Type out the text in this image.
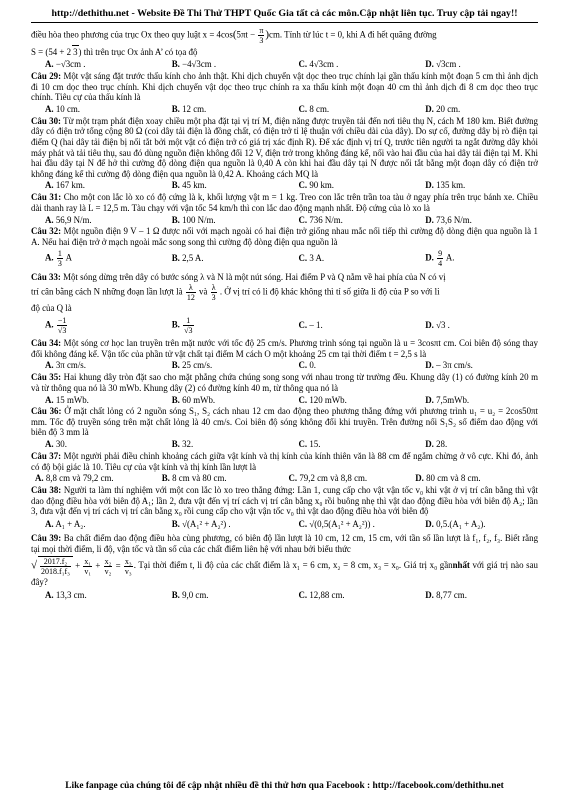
http://dethithu.net - Website Đề Thi Thử THPT Quốc Gia tất cả các môn.Cập nhật liên tục. Truy cập tải ngay!!
điều hòa theo phương của trục Ox theo quy luật $x = 4\cos(5\pi t - \frac{\pi}{3} )cm$. Tính từ lúc t = 0, khi A đi hết quãng đường
S = (54 + 2 3) thì trên trục Ox ảnh A’ có tọa độ
A. −√3cm .	B. −4√3cm .	C. 4√3cm .	D. √3cm .
Câu 29: Một vật sáng đặt trước thấu kính cho ảnh thật. Khi dịch chuyển vật dọc theo trục chính lại gần thấu kính một đoạn 5 cm thì ảnh dịch đi 10 cm dọc theo trục chính. Khi dịch chuyển vật dọc theo trục chính ra xa thấu kính một đoạn 40 cm thì ảnh dịch đi 8 cm dọc theo trục chính. Tiêu cự của thấu kính là
A. 10 cm.	B. 12 cm.	C. 8 cm.	D. 20 cm.
Câu 30: Từ một trạm phát điện xoay chiều một pha đặt tại vị trí M, điện năng được truyền tải đến nơi tiêu thụ N, cách M 180 km. Biết đường dây có điện trở tổng cộng 80 Ω (coi dây tải điện là đồng chất, có điện trở tỉ lệ thuận với chiều dài của dây). Do sự cố, đường dây bị rò điện tại điểm Q (hai dây tải điện bị nối tắt bởi một vật có điện trở có giá trị xác định R). Để xác định vị trí Q, trước tiên người ta ngắt đường dây khỏi máy phát và tải tiêu thụ, sau đó dùng nguồn điện không đổi 12 V, điện trở trong không đáng kể, nối vào hai đầu của hai dây tải điện tại M. Khi hai đầu dây tại N để hở thì cường độ dòng điện qua nguồn là 0,40 A còn khi hai đầu dây tại N được nối tắt bằng một đoạn dây có điện trở không đáng kể thì cường độ dòng điện qua nguồn là 0,42 A. Khoảng cách MQ là
A. 167 km.	B. 45 km.	C. 90 km.	D. 135 km.
Câu 31: Cho một con lắc lò xo có độ cứng là k, khối lượng vật m = 1 kg. Treo con lắc trên trần toa tàu ở ngay phía trên trục bánh xe. Chiều dài thanh ray là L = 12,5 m. Tàu chạy với vận tốc 54 km/h thì con lắc dao động mạnh nhất. Độ cứng của lò xo là
A. 56,9 N/m.	B. 100 N/m.	C. 736 N/m.	D. 73,6 N/m.
Câu 32: Một nguồn điện 9 V – 1 Ω được nối với mạch ngoài có hai điện trở giống nhau mắc nối tiếp thì cường độ dòng điện qua nguồn là 1 A. Nếu hai điện trở ở mạch ngoài mắc song song thì cường độ dòng điện qua nguồn là
A. $\frac{1}{3}$ A	B. 2,5 A.	C. 3 A.	D. $\frac{9}{4} A$.
Câu 33: Một sóng dừng trên dây có bước sóng λ và N là một nút sóng. Hai điểm P và Q nằm về hai phía của N có vị
trí cân bằng cách N những đoạn lần lượt là $\frac{\lambda}{12}$ và $\frac{\lambda}{3}$ . Ở vị trí có li độ khác không thì tỉ số giữa li độ của P so với li
độ của Q là
A. $\frac{-1}{√3}$	B. $\frac{1}{√3}$	C. – 1.	D. √3 .
Câu 34: Một sóng cơ học lan truyền trên mặt nước với tốc độ 25 cm/s. Phương trình sóng tại nguồn là u = 3cosπt cm. Coi biên độ sóng thay đổi không đáng kể. Vận tốc của phần tử vật chất tại điểm M cách O một khoảng 25 cm tại thời điểm t = 2,5 s là
A. 3π cm/s.	B. 25 cm/s.	C. 0.	D. – 3π cm/s.
Câu 35: Hai khung dây tròn đặt sao cho mặt phẳng chứa chúng song song với nhau trong từ trường đều. Khung dây (1) có đường kính 20 m và từ thông qua nó là 30 mWb. Khung dây (2) có đường kính 40 m, từ thông qua nó là
A. 15 mWb.	B. 60 mWb.	C. 120 mWb.	D. 7,5mWb.
Câu 36: Ở mặt chất lỏng có 2 nguồn sóng S₁, S₂ cách nhau 12 cm dao động theo phương thẳng đứng với phương trình u₁ = u₂ = 2cos50πt mm. Tốc độ truyền sóng trên mặt chất lỏng là 40 cm/s. Coi biên độ sóng không đổi khi truyền. Trên đường nối S₁S₂ số điểm dao động với biên độ 3 mm là
A. 30.	B. 32.	C. 15.	D. 28.
Câu 37: Một người phải điều chỉnh khoảng cách giữa vật kính và thị kính của kính thiên văn là 88 cm để ngắm chừng ở vô cực. Khi đó, ảnh có độ bội giác là 10. Tiêu cự của vật kính và thị kính lần lượt là
A. 8,8 cm và 79,2 cm.	B. 8 cm và 80 cm.	C. 79,2 cm và 8,8 cm.	D. 80 cm và 8 cm.
Câu 38: Người ta làm thí nghiệm với một con lắc lò xo treo thẳng đứng: Lần 1, cung cấp cho vật vận tốc v₀ khi vật ở vị trí cân bằng thì vật dao động điều hòa với biên độ A₁; lần 2, đưa vật đến vị trí cách vị trí cân bằng x₀ rồi buông nhẹ thì vật dao động điều hòa với biên độ A₂; lần 3, đưa vật đến vị trí cách vị trí cân bằng x₀ rồi cung cấp cho vật vận tốc v₀ thì vật dao động điều hòa với biên độ
A. A₁ + A₂.	B. √(A₁² + A₂²) .	C. √(0,5(A₁² + A₂²)) .	D. 0,5.(A₁ + A₂).
Câu 39: Ba chất điểm dao động điều hòa cùng phương, có biên độ lần lượt là 10 cm, 12 cm, 15 cm, với tần số lần lượt là f₁, f₂, f₃. Biết rằng tại mọi thời điểm, li độ, vận tốc và tần số của các chất điểm liên hệ với nhau bởi biểu thức
√ $\frac{\text{2017.f₂}}{\text{2018.f₁f₃}} + \frac{\text{x₁}}{\text{v₁}} + \frac{\text{x₂}}{\text{v₂}} = \frac{\text{x₃}}{\text{v₃}}$ . Tại thời điểm t, li độ của các chất điểm là x₁ = 6 cm, x₂ = 8 cm, x₃ = x₀. Giá trị x₀ gầnnhất với giá trị nào sau đây?
A. 13,3 cm.	B. 9,0 cm.	C. 12,88 cm.	D. 8,77 cm.
Like fanpage của chúng tôi để cập nhật nhiều đề thi thử hơn qua Facebook : http://facebook.com/dethithu.net
